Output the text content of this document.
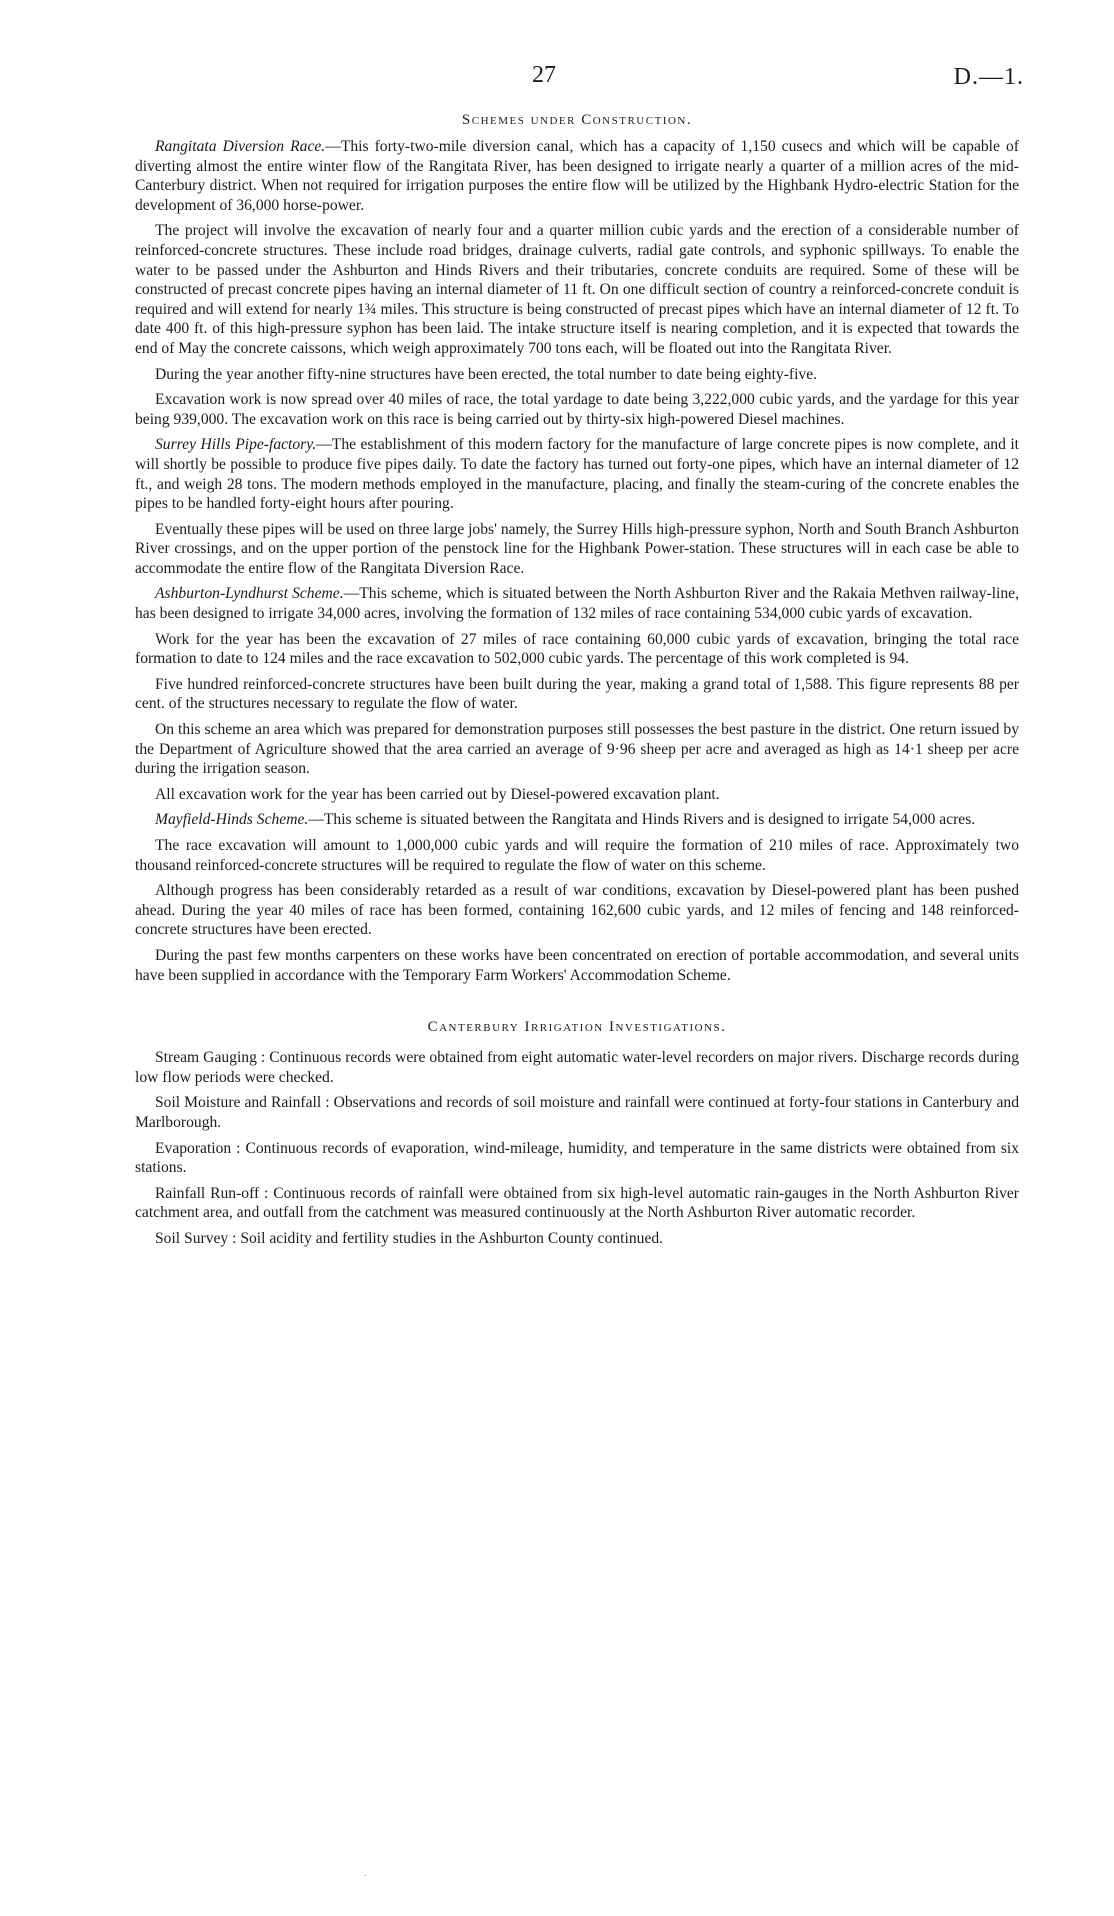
27	D.—1.
Schemes under Construction.

Rangitata Diversion Race.—This forty-two-mile diversion canal, which has a capacity of 1,150 cusecs and which will be capable of diverting almost the entire winter flow of the Rangitata River, has been designed to irrigate nearly a quarter of a million acres of the mid-Canterbury district. When not required for irrigation purposes the entire flow will be utilized by the Highbank Hydro-electric Station for the development of 36,000 horse-power.

The project will involve the excavation of nearly four and a quarter million cubic yards and the erection of a considerable number of reinforced-concrete structures. These include road bridges, drainage culverts, radial gate controls, and syphonic spillways. To enable the water to be passed under the Ashburton and Hinds Rivers and their tributaries, concrete conduits are required. Some of these will be constructed of precast concrete pipes having an internal diameter of 11 ft. On one difficult section of country a reinforced-concrete conduit is required and will extend for nearly 1¾ miles. This structure is being constructed of precast pipes which have an internal diameter of 12 ft. To date 400 ft. of this high-pressure syphon has been laid. The intake structure itself is nearing completion, and it is expected that towards the end of May the concrete caissons, which weigh approximately 700 tons each, will be floated out into the Rangitata River.

During the year another fifty-nine structures have been erected, the total number to date being eighty-five.

Excavation work is now spread over 40 miles of race, the total yardage to date being 3,222,000 cubic yards, and the yardage for this year being 939,000. The excavation work on this race is being carried out by thirty-six high-powered Diesel machines.

Surrey Hills Pipe-factory.—The establishment of this modern factory for the manufacture of large concrete pipes is now complete, and it will shortly be possible to produce five pipes daily. To date the factory has turned out forty-one pipes, which have an internal diameter of 12 ft., and weigh 28 tons. The modern methods employed in the manufacture, placing, and finally the steam-curing of the concrete enables the pipes to be handled forty-eight hours after pouring.

Eventually these pipes will be used on three large jobs' namely, the Surrey Hills high-pressure syphon, North and South Branch Ashburton River crossings, and on the upper portion of the penstock line for the Highbank Power-station. These structures will in each case be able to accommodate the entire flow of the Rangitata Diversion Race.

Ashburton-Lyndhurst Scheme.—This scheme, which is situated between the North Ashburton River and the Rakaia Methven railway-line, has been designed to irrigate 34,000 acres, involving the formation of 132 miles of race containing 534,000 cubic yards of excavation.

Work for the year has been the excavation of 27 miles of race containing 60,000 cubic yards of excavation, bringing the total race formation to date to 124 miles and the race excavation to 502,000 cubic yards. The percentage of this work completed is 94.

Five hundred reinforced-concrete structures have been built during the year, making a grand total of 1,588. This figure represents 88 per cent. of the structures necessary to regulate the flow of water.

On this scheme an area which was prepared for demonstration purposes still possesses the best pasture in the district. One return issued by the Department of Agriculture showed that the area carried an average of 9·96 sheep per acre and averaged as high as 14·1 sheep per acre during the irrigation season.

All excavation work for the year has been carried out by Diesel-powered excavation plant.

Mayfield-Hinds Scheme.—This scheme is situated between the Rangitata and Hinds Rivers and is designed to irrigate 54,000 acres.

The race excavation will amount to 1,000,000 cubic yards and will require the formation of 210 miles of race. Approximately two thousand reinforced-concrete structures will be required to regulate the flow of water on this scheme.

Although progress has been considerably retarded as a result of war conditions, excavation by Diesel-powered plant has been pushed ahead. During the year 40 miles of race has been formed, containing 162,600 cubic yards, and 12 miles of fencing and 148 reinforced-concrete structures have been erected.

During the past few months carpenters on these works have been concentrated on erection of portable accommodation, and several units have been supplied in accordance with the Temporary Farm Workers' Accommodation Scheme.

Canterbury Irrigation Investigations.

Stream Gauging : Continuous records were obtained from eight automatic water-level recorders on major rivers. Discharge records during low flow periods were checked.

Soil Moisture and Rainfall : Observations and records of soil moisture and rainfall were continued at forty-four stations in Canterbury and Marlborough.

Evaporation : Continuous records of evaporation, wind-mileage, humidity, and temperature in the same districts were obtained from six stations.

Rainfall Run-off : Continuous records of rainfall were obtained from six high-level automatic rain-gauges in the North Ashburton River catchment area, and outfall from the catchment was measured continuously at the North Ashburton River automatic recorder.

Soil Survey : Soil acidity and fertility studies in the Ashburton County continued.

.
